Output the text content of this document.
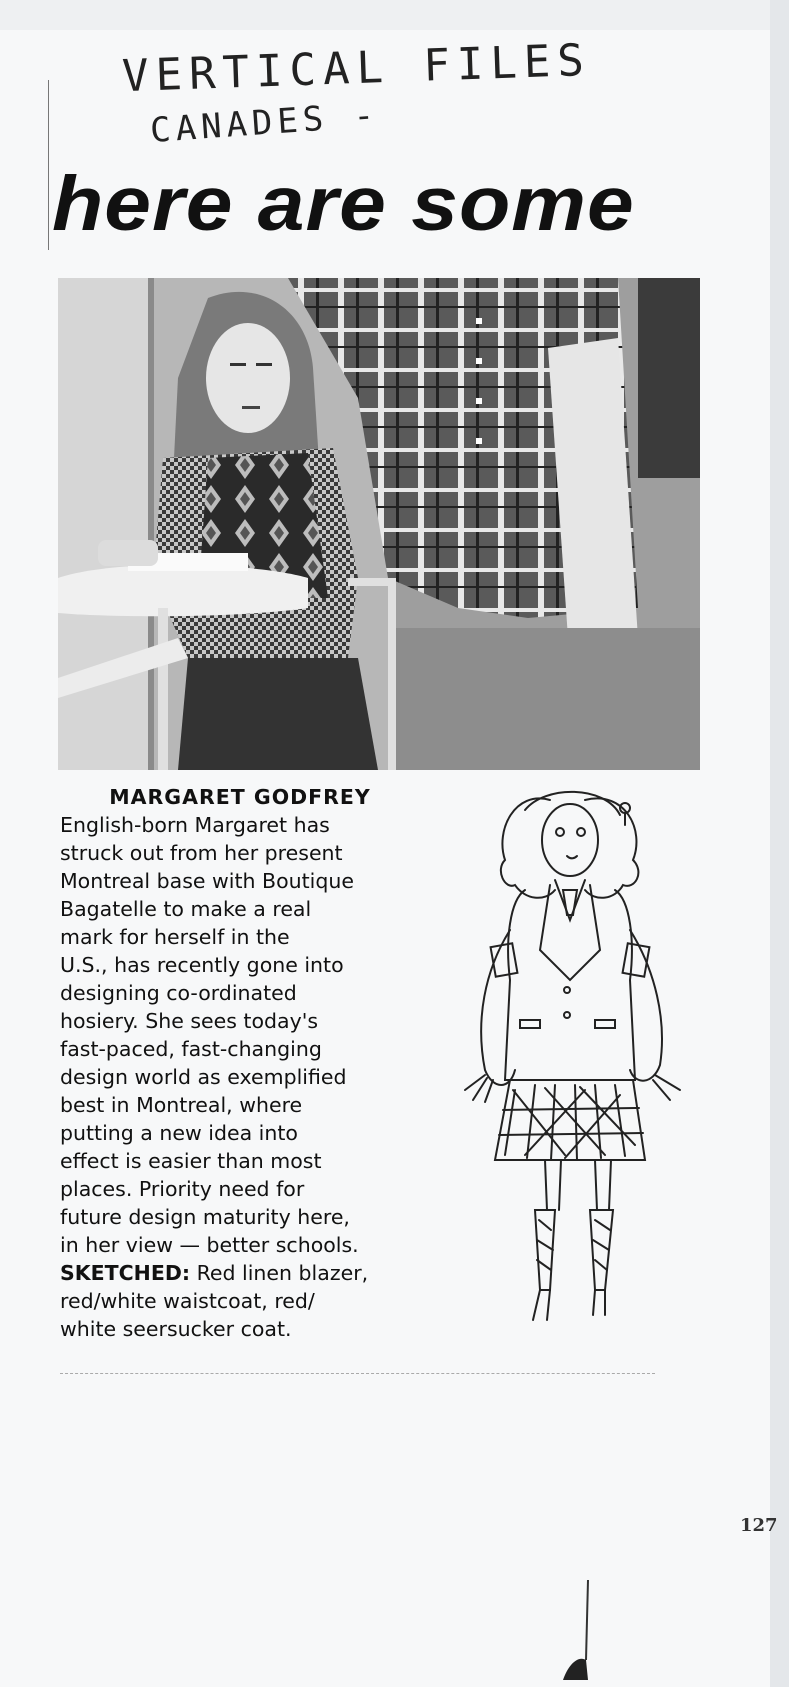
VERTICAL FILES
CANADES -
here are some
MARGARET GODFREY
English-born Margaret has
struck out from her present
Montreal base with Boutique
Bagatelle to make a real
mark for herself in the
U.S., has recently gone into
designing co-ordinated
hosiery. She sees today's
fast-paced, fast-changing
design world as exemplified
best in Montreal, where
putting a new idea into
effect is easier than most
places. Priority need for
future design maturity here,
in her view — better schools.
SKETCHED: Red linen blazer,
red/white waistcoat, red/
white seersucker coat.
127
